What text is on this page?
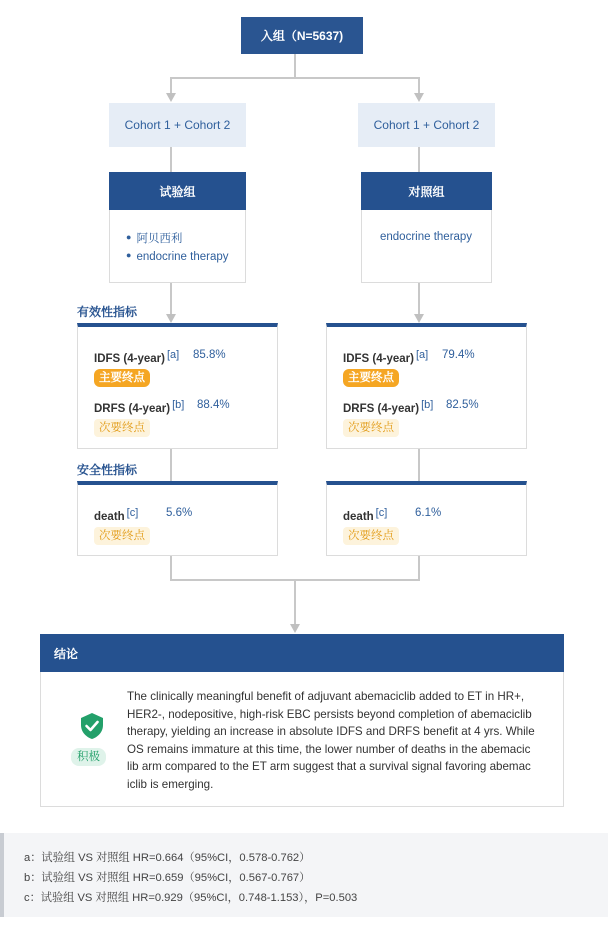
入组（N=5637)
Cohort 1 + Cohort 2	Cohort 1 + Cohort 2
试验组
● 阿贝西利
● endocrine therapy
对照组
endocrine therapy
有效性指标
IDFS (4-year) [a] 85.8%
主要终点
DRFS (4-year) [b] 88.4%
次要终点
IDFS (4-year) [a] 79.4%
主要终点
DRFS (4-year) [b] 82.5%
次要终点
安全性指标
death [c] 5.6%
次要终点
death [c] 6.1%
次要终点
结论
积极
The clinically meaningful benefit of adjuvant abemaciclib added to ET in HR+,
HER2-, nodepositive, high-risk EBC persists beyond completion of abemaciclib
therapy, yielding an increase in absolute IDFS and DRFS benefit at 4 yrs. While
OS remains immature at this time, the lower number of deaths in the abemacic
lib arm compared to the ET arm suggest that a survival signal favoring abemac
iclib is emerging.
a：试验组 VS 对照组 HR=0.664（95%CI，0.578-0.762）
b：试验组 VS 对照组 HR=0.659（95%CI，0.567-0.767）
c：试验组 VS 对照组 HR=0.929（95%CI，0.748-1.153），P=0.503
